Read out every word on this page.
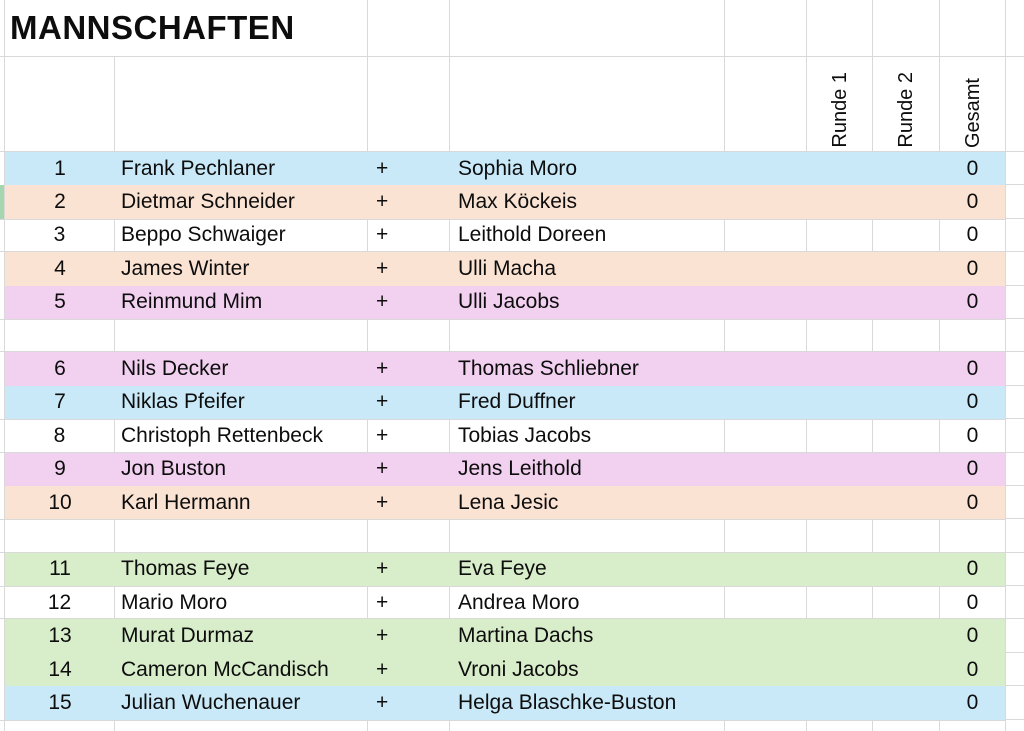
MANNSCHAFTEN
Runde 1 Runde 2 Gesamt
1	Frank Pechlaner	+	Sophia Moro	0
2	Dietmar Schneider	+	Max Köckeis	0
3	Beppo Schwaiger	+	Leithold Doreen	0
4	James Winter	+	Ulli Macha	0
5	Reinmund Mim	+	Ulli Jacobs	0
6	Nils Decker	+	Thomas Schliebner	0
7	Niklas Pfeifer	+	Fred Duffner	0
8	Christoph Rettenbeck	+	Tobias Jacobs	0
9	Jon Buston	+	Jens Leithold	0
10	Karl Hermann	+	Lena Jesic	0
11	Thomas Feye	+	Eva Feye	0
12	Mario Moro	+	Andrea Moro	0
13	Murat Durmaz	+	Martina Dachs	0
14	Cameron McCandisch	+	Vroni Jacobs	0
15	Julian Wuchenauer	+	Helga Blaschke-Buston	0
